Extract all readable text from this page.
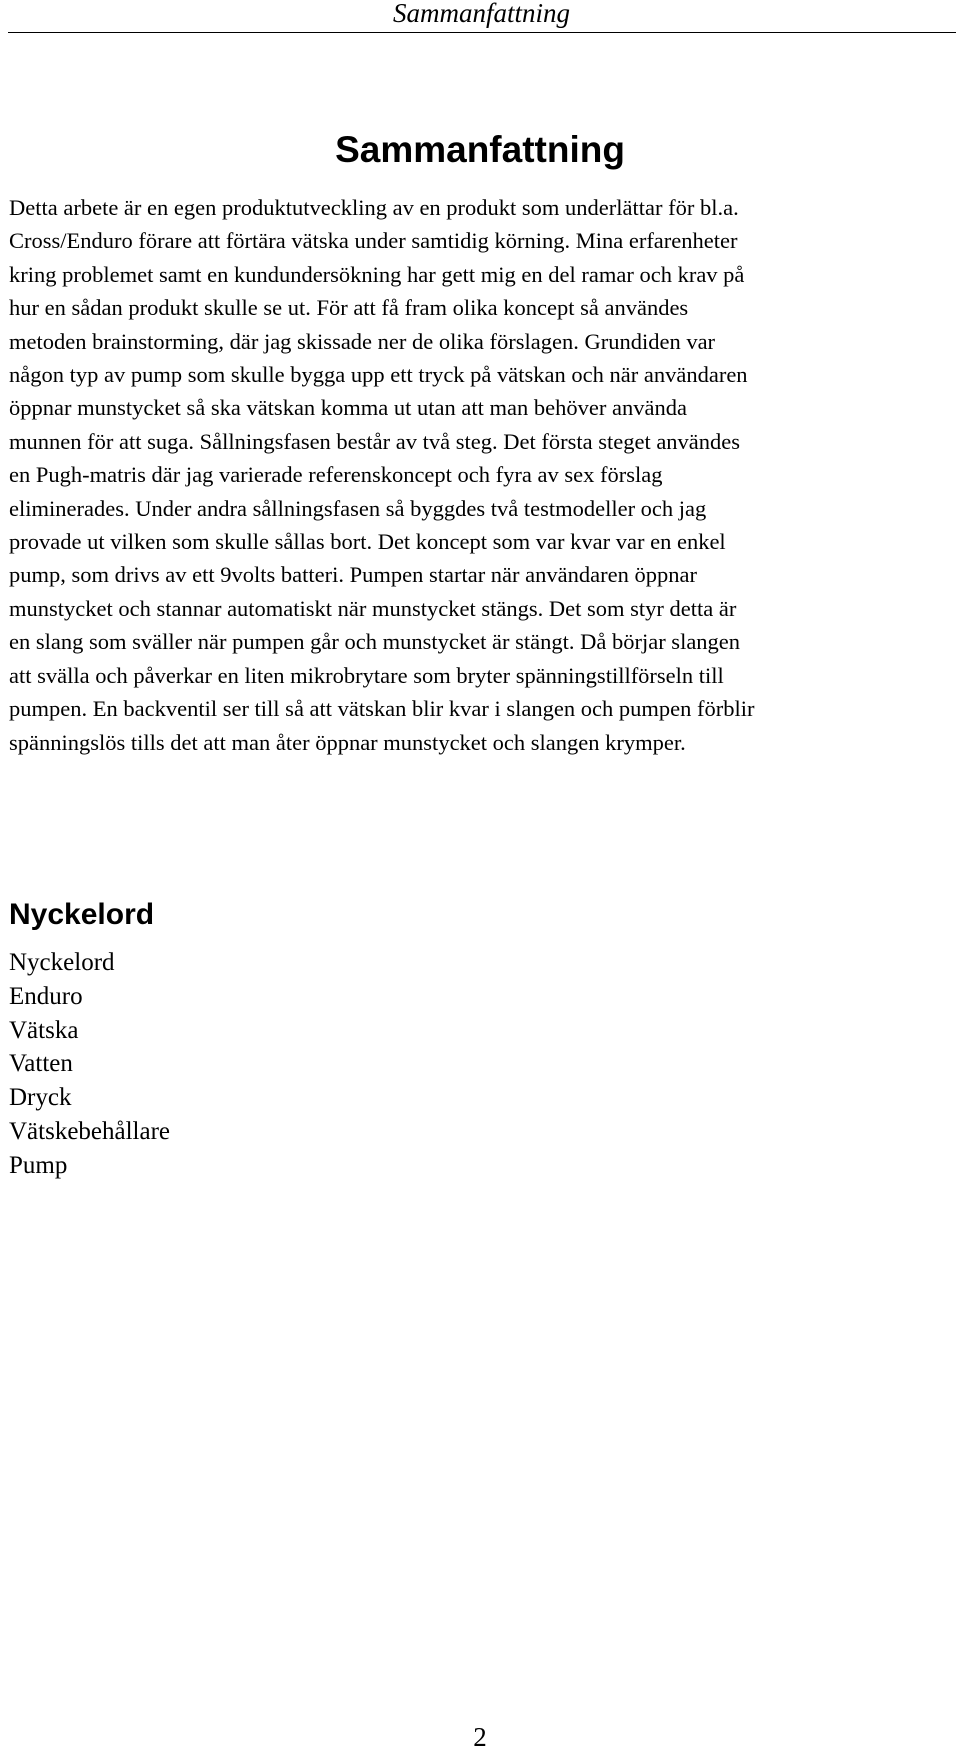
Sammanfattning
Sammanfattning

Detta arbete är en egen produktutveckling av en produkt som underlättar för bl.a.
Cross/Enduro förare att förtära vätska under samtidig körning. Mina erfarenheter
kring problemet samt en kundundersökning har gett mig en del ramar och krav på
hur en sådan produkt skulle se ut. För att få fram olika koncept så användes
metoden brainstorming, där jag skissade ner de olika förslagen. Grundiden var
någon typ av pump som skulle bygga upp ett tryck på vätskan och när användaren
öppnar munstycket så ska vätskan komma ut utan att man behöver använda
munnen för att suga. Sållningsfasen består av två steg. Det första steget användes
en Pugh-matris där jag varierade referenskoncept och fyra av sex förslag
eliminerades. Under andra sållningsfasen så byggdes två testmodeller och jag
provade ut vilken som skulle sållas bort. Det koncept som var kvar var en enkel
pump, som drivs av ett 9volts batteri. Pumpen startar när användaren öppnar
munstycket och stannar automatiskt när munstycket stängs. Det som styr detta är
en slang som sväller när pumpen går och munstycket är stängt. Då börjar slangen
att svälla och påverkar en liten mikrobrytare som bryter spänningstillförseln till
pumpen. En backventil ser till så att vätskan blir kvar i slangen och pumpen förblir
spänningslös tills det att man åter öppnar munstycket och slangen krymper.

Nyckelord
Nyckelord
Enduro
Vätska
Vatten
Dryck
Vätskebehållare
Pump
2
